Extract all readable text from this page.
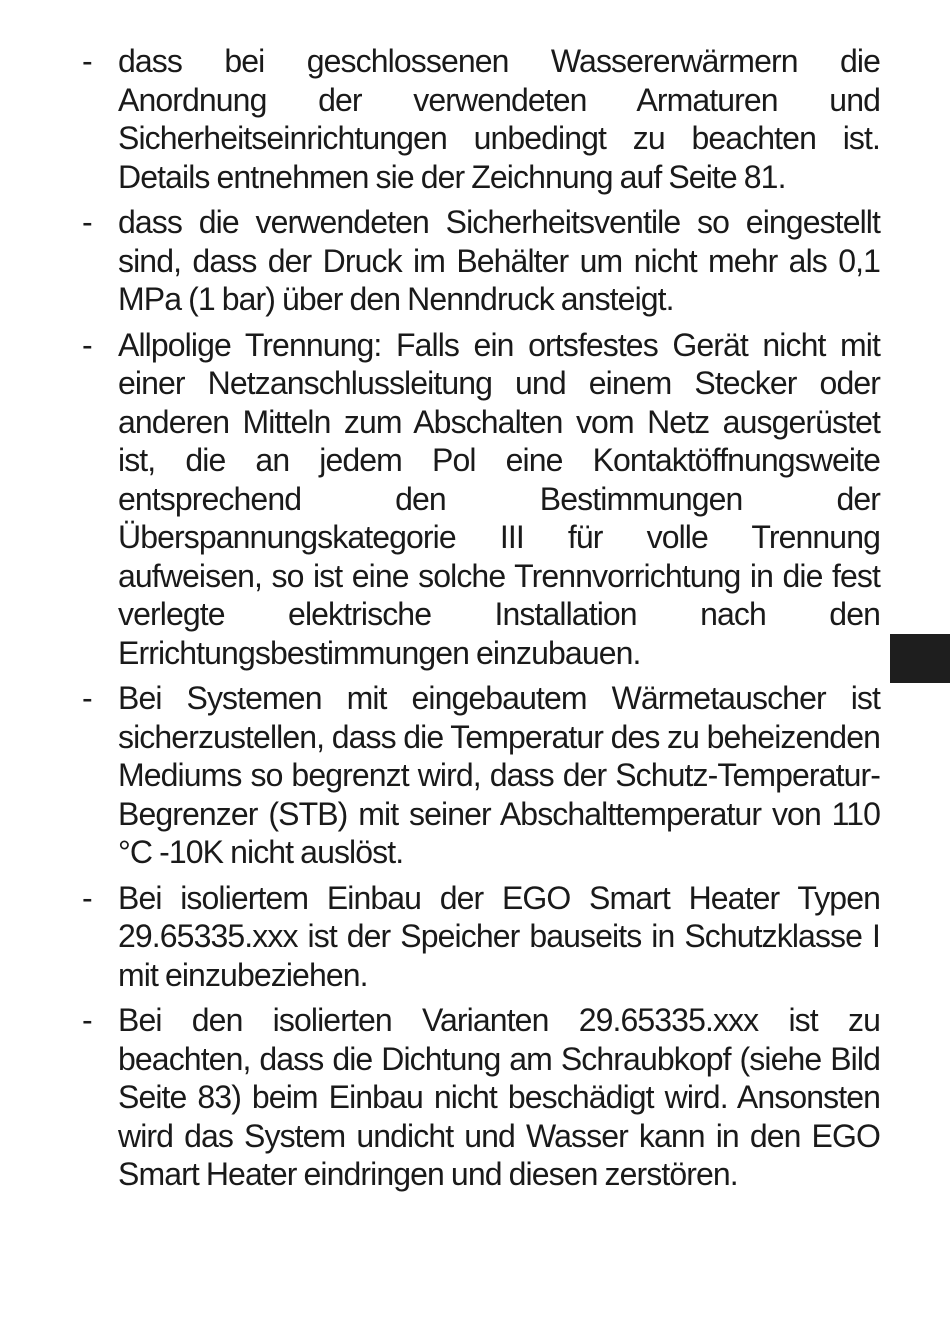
- dass bei geschlossenen Wassererwärmern die Anordnung der verwendeten Armaturen und Sicherheitseinrichtungen unbedingt zu beachten ist. Details entnehmen sie der Zeichnung auf Seite 81.
- dass die verwendeten Sicherheitsventile so eingestellt sind, dass der Druck im Behälter um nicht mehr als 0,1 MPa (1 bar) über den Nenndruck ansteigt.
- Allpolige Trennung: Falls ein ortsfestes Gerät nicht mit einer Netzanschlussleitung und einem Stecker oder anderen Mitteln zum Abschalten vom Netz ausgerüstet ist, die an jedem Pol eine Kontaktöffnungsweite entsprechend den Bestimmungen der Überspannungskategorie III für volle Trennung aufweisen, so ist eine solche Trennvorrichtung in die fest verlegte elektrische Installation nach den Errichtungsbestimmungen einzubauen.
- Bei Systemen mit eingebautem Wärmetauscher ist sicherzustellen, dass die Temperatur des zu beheizenden Mediums so begrenzt wird, dass der Schutz-Temperatur-Begrenzer (STB) mit seiner Abschalttemperatur von 110 °C -10K nicht auslöst.
- Bei isoliertem Einbau der EGO Smart Heater Typen 29.65335.xxx ist der Speicher bauseits in Schutzklasse I mit einzubeziehen.
- Bei den isolierten Varianten 29.65335.xxx ist zu beachten, dass die Dichtung am Schraubkopf (siehe Bild Seite 83) beim Einbau nicht beschädigt wird. Ansonsten wird das System undicht und Wasser kann in den EGO Smart Heater eindringen und diesen zerstören.
